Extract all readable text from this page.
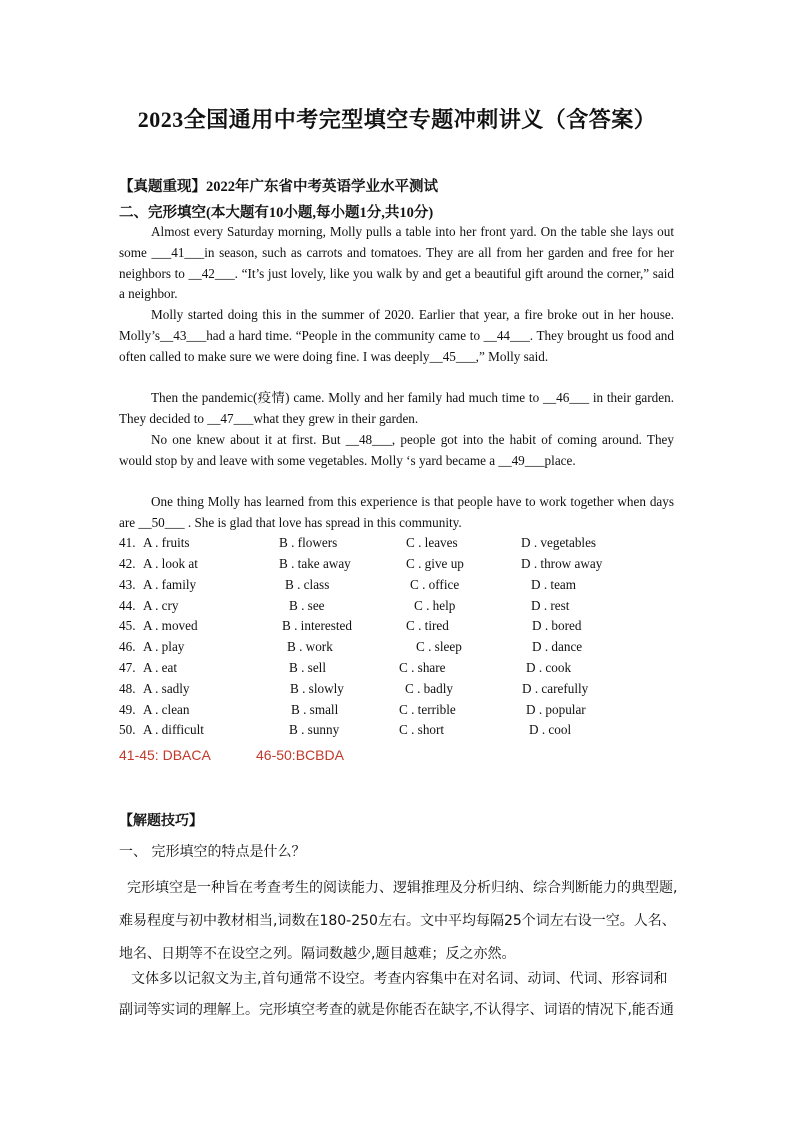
2023全国通用中考完型填空专题冲刺讲义（含答案）
【真题重现】2022年广东省中考英语学业水平测试
二、完形填空(本大题有10小题,每小题1分,共10分)
Almost every Saturday morning, Molly pulls a table into her front yard. On the table she lays out some ___41___in season, such as carrots and tomatoes. They are all from her garden and free for her neighbors to __42___. “It’s just lovely, like you walk by and get a beautiful gift around the corner,” said a neighbor.
Molly started doing this in the summer of 2020. Earlier that year, a fire broke out in her house. Molly’s__43___had a hard time. “People in the community came to __44___. They brought us food and often called to make sure we were doing fine. I was deeply__45___,” Molly said.
Then the pandemic(疫情) came. Molly and her family had much time to __46___ in their garden. They decided to __47___what they grew in their garden.
No one knew about it at first. But __48___, people got into the habit of coming around. They would stop by and leave with some vegetables. Molly ‘s yard became a __49___place.
One thing Molly has learned from this experience is that people have to work together when days are __50___ . She is glad that love has spread in this community.
41. A . fruits	B . flowers	C . leaves	D . vegetables
42. A . look at	B . take away	C . give up	D . throw away
43. A . family	B . class	C . office	D . team
44. A . cry	B . see	C . help	D . rest
45. A . moved	B . interested	C . tired	D . bored
46. A . play	B . work	C . sleep	D . dance
47. A . eat	B . sell	C . share	D . cook
48. A . sadly	B . slowly	C . badly	D . carefully
49. A . clean	B . small	C . terrible	D . popular
50. A . difficult	B . sunny	C . short	D . cool
41-45: DBACA	46-50:BCBDA
【解题技巧】
一、 完形填空的特点是什么？
完形填空是一种旨在考查考生的阅读能力、逻辑推理及分析归纳、综合判断能力的典型题,难易程度与初中教材相当,词数在180-250左右。文中平均每隔25个词左右设一空。人名、地名、日期等不在设空之列。隔词数越少,题目越难；反之亦然。
文体多以记叙文为主,首句通常不设空。考查内容集中在对名词、动词、代词、形容词和副词等实词的理解上。完形填空考查的就是你能否在缺字,不认得字、词语的情况下,能否通
